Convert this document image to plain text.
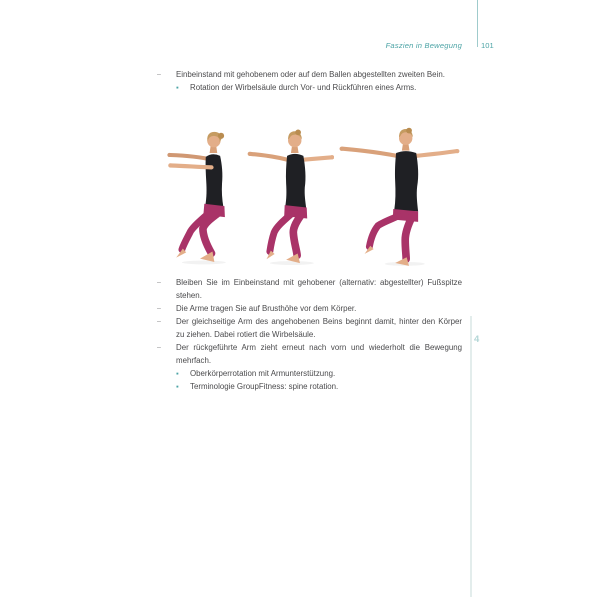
Faszien in Bewegung	101
4
– Einbeinstand mit gehobenem oder auf dem Ballen abgestellten zweiten Bein.
▪ Rotation der Wirbelsäule durch Vor- und Rückführen eines Arms.
– Bleiben Sie im Einbeinstand mit gehobener (alternativ: abgestellter) Fußspitze stehen.
– Die Arme tragen Sie auf Brusthöhe vor dem Körper.
– Der gleichseitige Arm des angehobenen Beins beginnt damit, hinter den Körper zu ziehen. Dabei rotiert die Wirbelsäule.
– Der rückgeführte Arm zieht erneut nach vorn und wiederholt die Bewegung mehrfach.
▪ Oberkörperrotation mit Armunterstützung.
▪ Terminologie GroupFitness: spine rotation.
